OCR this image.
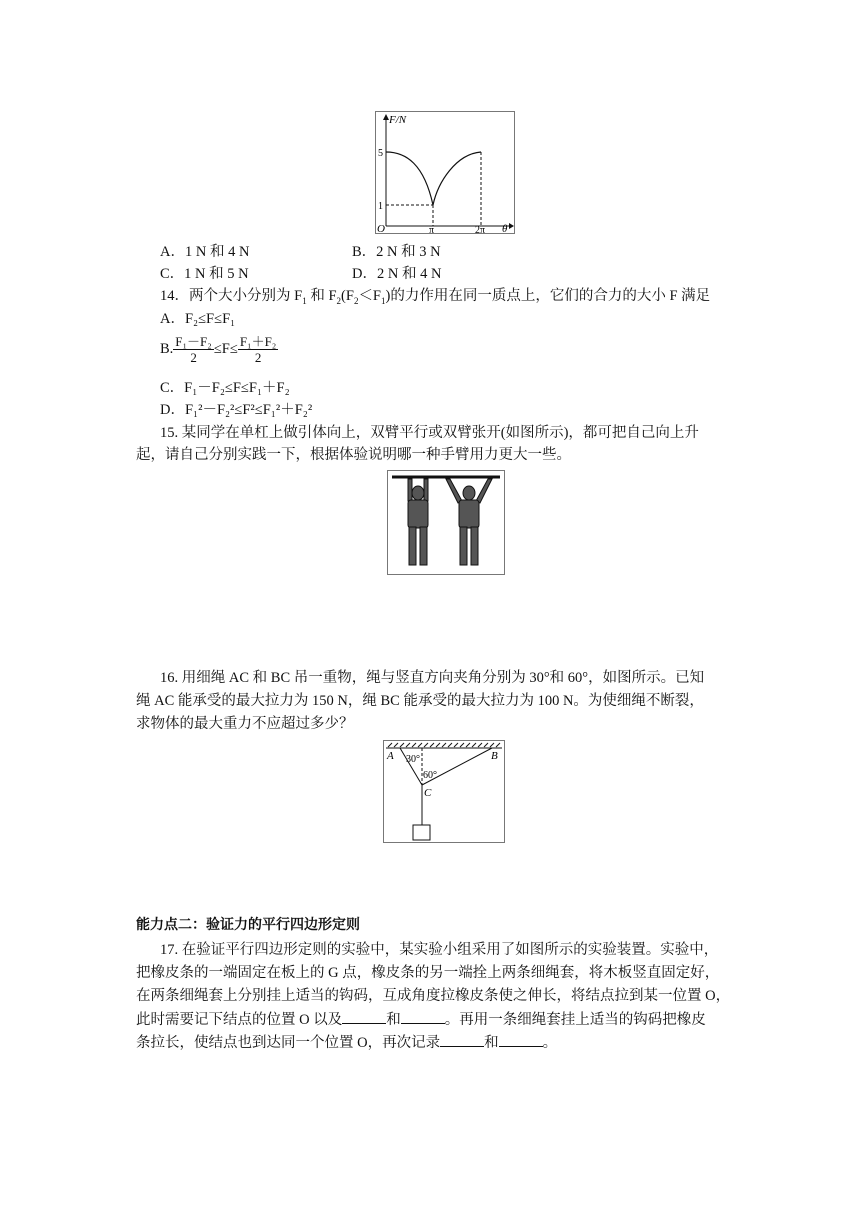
F/N
θ
O
5
1
π	2π
A．1 N 和 4 N	B．2 N 和 3 N
C．1 N 和 5 N	D．2 N 和 4 N
14．两个大小分别为 $F_1$ 和 $F_2(F_2<F_1)$的力作用在同一质点上，它们的合力的大小 F 满足
A．F₂≤F≤F₁
B. $\frac{\text{F₁－F₂}}{2} \le F\le \frac{\text{F₁＋F₂}}{2}$
C．F₁－F₂≤F≤F₁＋F₂
D．F₁²－F₂²≤F²≤F₁²＋F₂²
15. 某同学在单杠上做引体向上，双臂平行或双臂张开(如图所示)，都可把自己向上升
起，请自己分别实践一下，根据体验说明哪一种手臂用力更大一些。
16. 用细绳 AC 和 BC 吊一重物，绳与竖直方向夹角分别为 30°和 60°，如图所示。已知
绳 AC 能承受的最大拉力为 150 N，绳 BC 能承受的最大拉力为 100 N。为使细绳不断裂，
求物体的最大重力不应超过多少？
A	B
C
30°
60°
能力点二：验证力的平行四边形定则
17. 在验证平行四边形定则的实验中，某实验小组采用了如图所示的实验装置。实验中，
把橡皮条的一端固定在板上的 G 点，橡皮条的另一端拴上两条细绳套，将木板竖直固定好，
在两条细绳套上分别挂上适当的钩码，互成角度拉橡皮条使之伸长，将结点拉到某一位置 O，
此时需要记下结点的位置 O 以及	和	。再用一条细绳套挂上适当的钩码把橡皮
条拉长，使结点也到达同一个位置 O，再次记录	和	。
